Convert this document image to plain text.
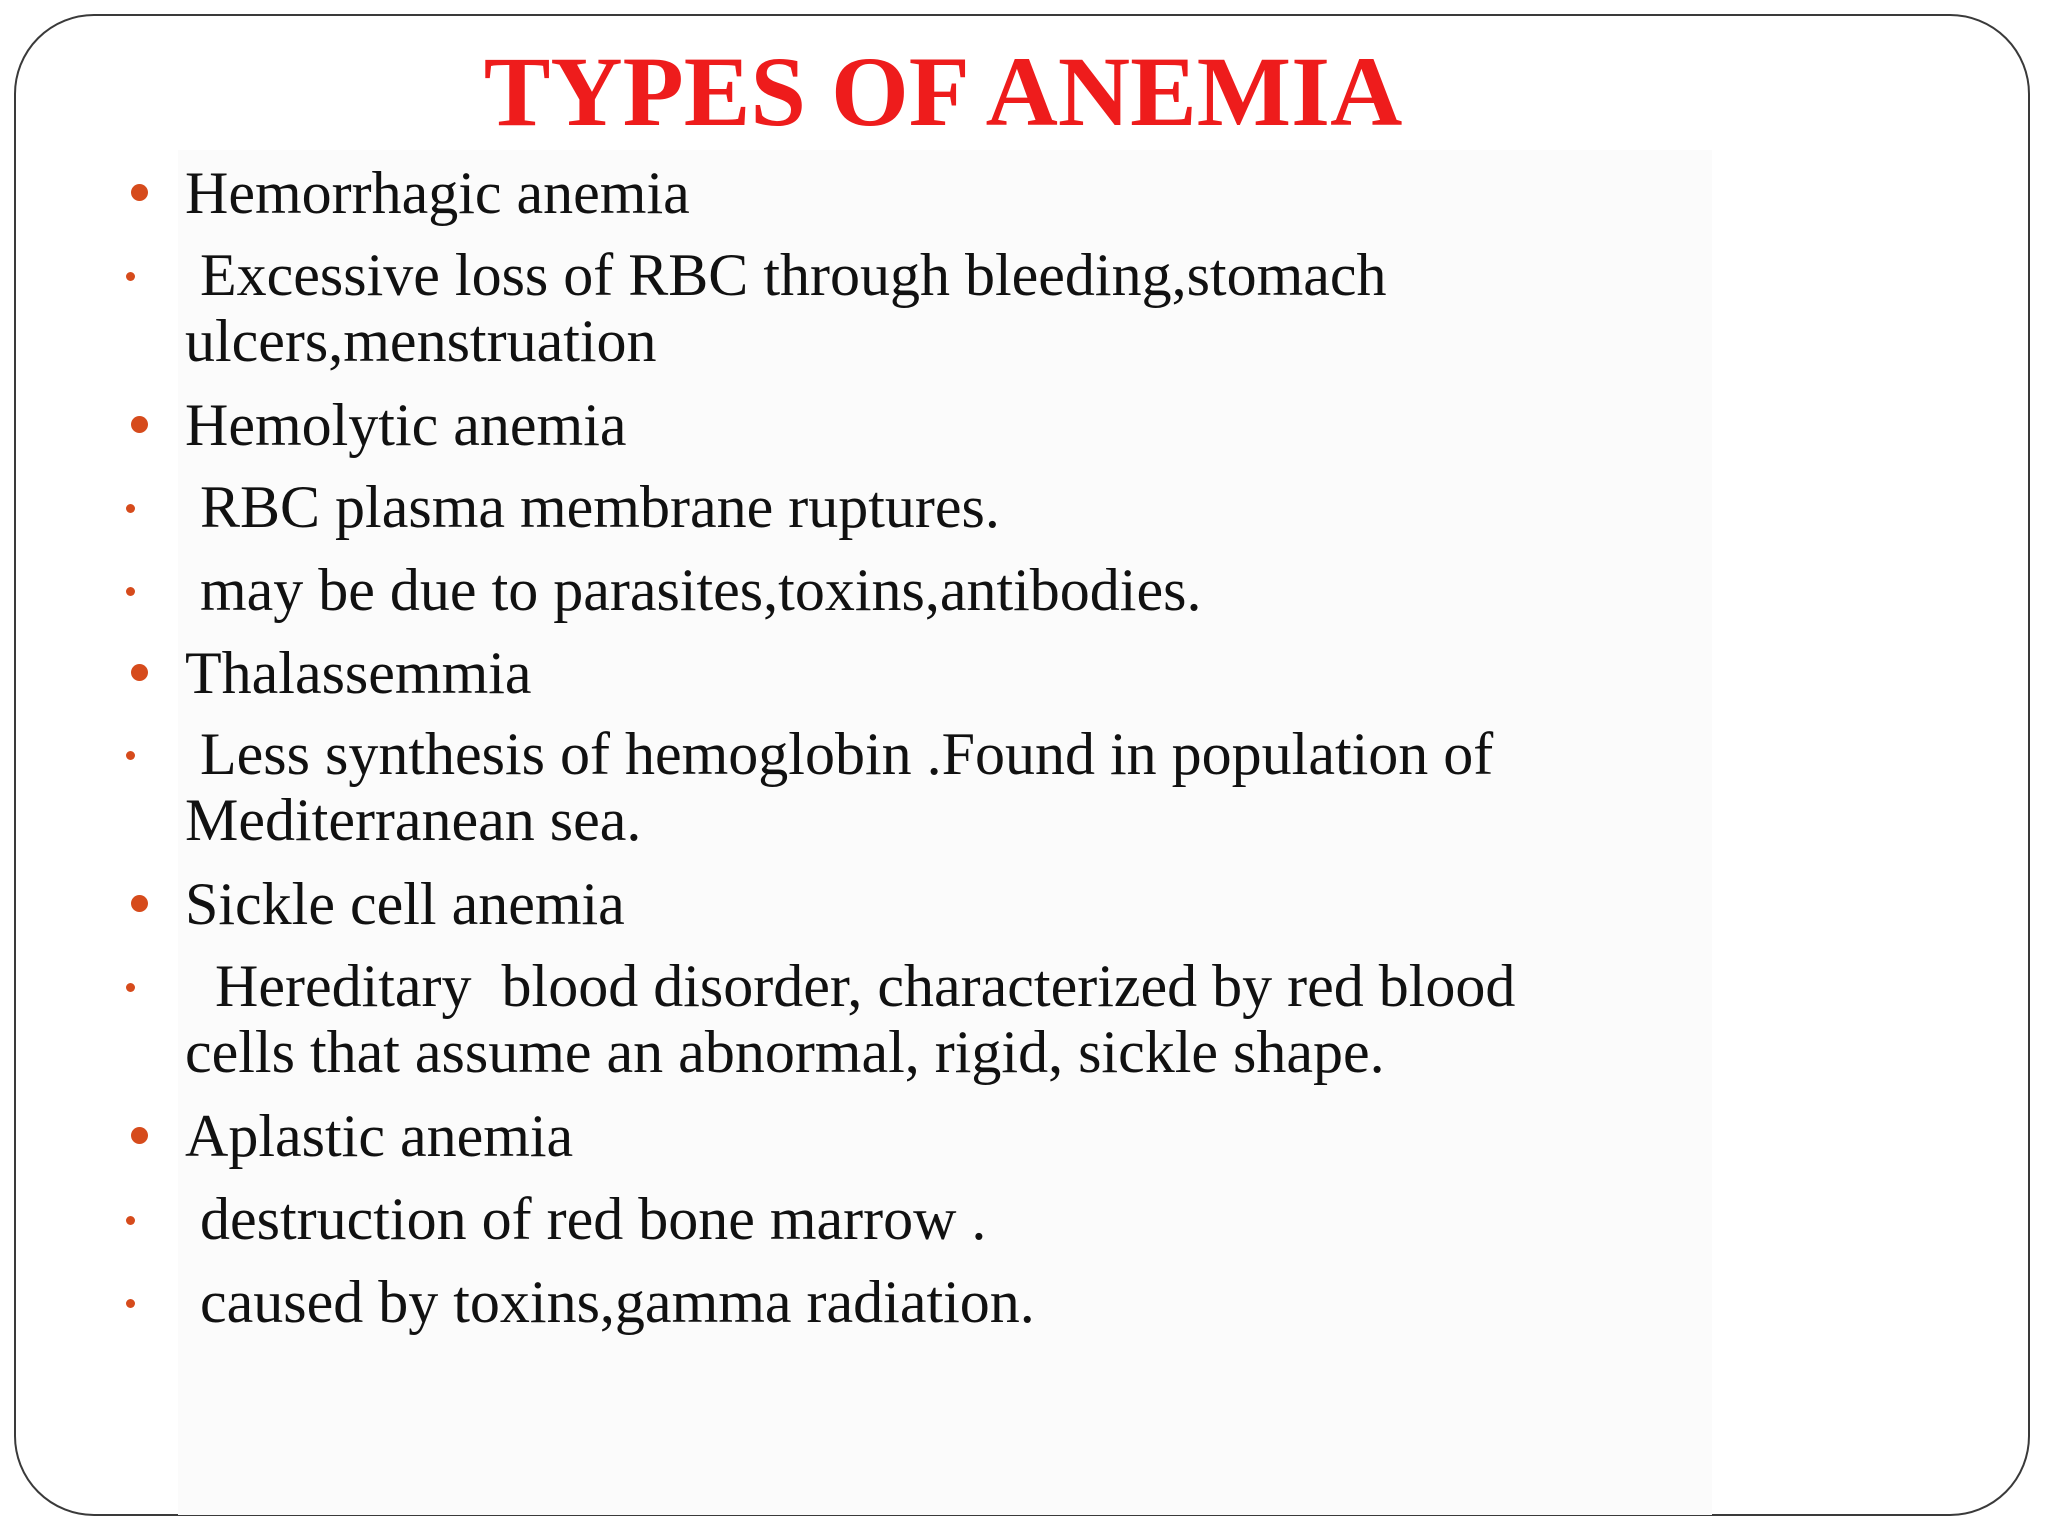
TYPES OF ANEMIA
Hemorrhagic anemia
Excessive loss of RBC through bleeding,stomach
ulcers,menstruation
Hemolytic anemia
RBC plasma membrane ruptures.
may be due to parasites,toxins,antibodies.
Thalassemmia
Less synthesis of hemoglobin .Found in population of
Mediterranean sea.
Sickle cell anemia
Hereditary  blood disorder, characterized by red blood
cells that assume an abnormal, rigid, sickle shape.
Aplastic anemia
destruction of red bone marrow .
caused by toxins,gamma radiation.
